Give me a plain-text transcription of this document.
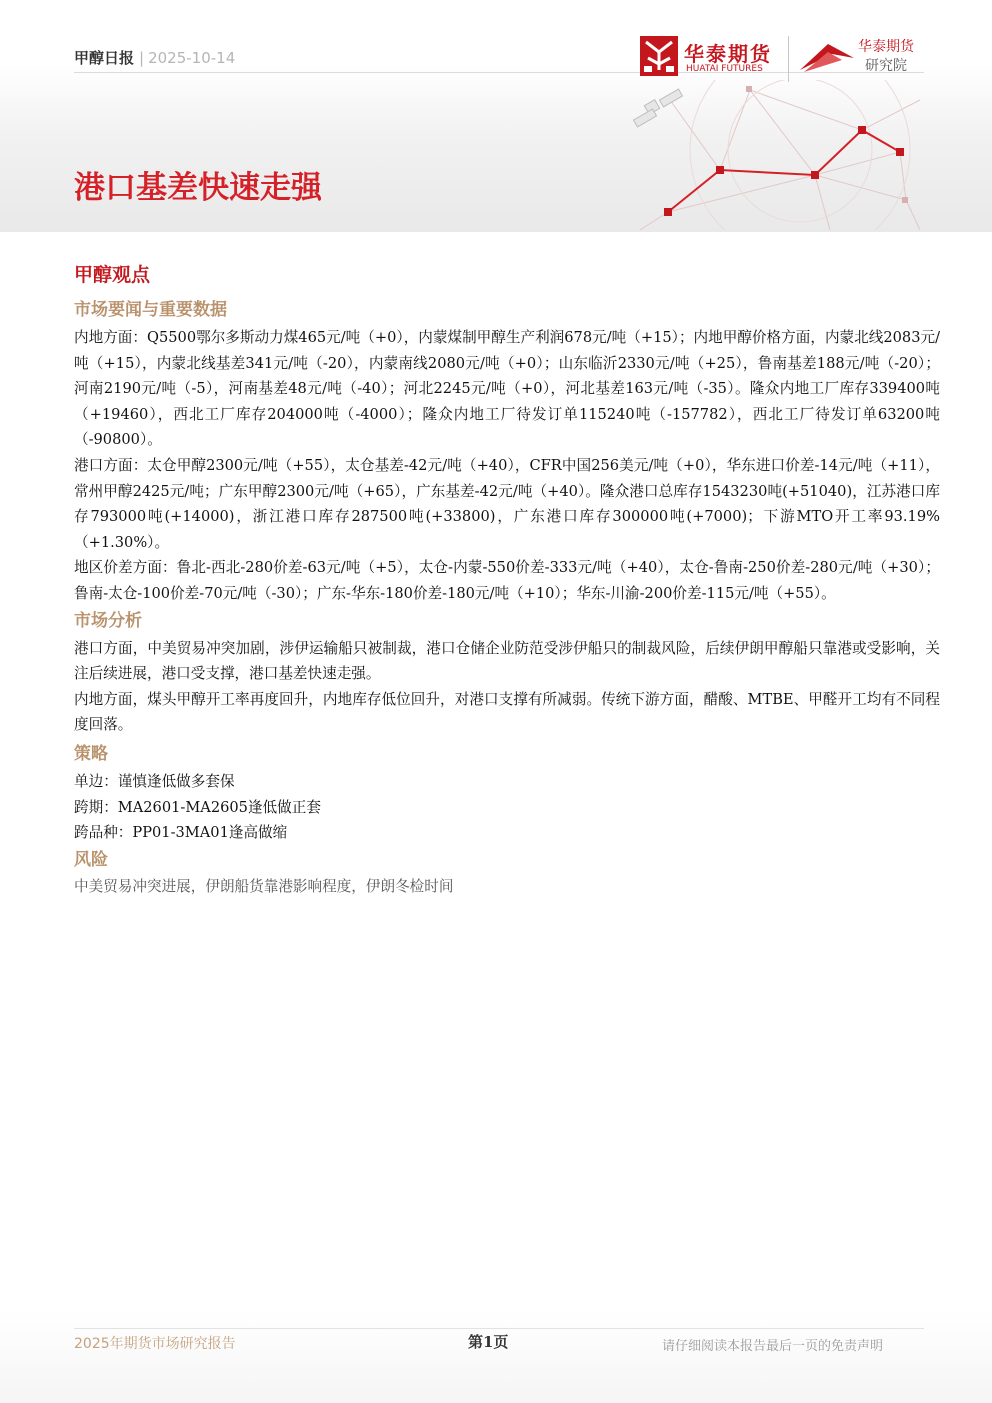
甲醇日报 | 2025-10-14	华泰期货
HUATAI FUTURES
华泰期货
研究院
港口基差快速走强
甲醇观点
市场要闻与重要数据

内地方面：Q5500鄂尔多斯动力煤465元/吨（+0），内蒙煤制甲醇生产利润678元/吨（+15）；内地甲醇价格方面，内蒙北线2083元/吨（+15），内蒙北线基差341元/吨（-20），内蒙南线2080元/吨（+0）；山东临沂2330元/吨（+25），鲁南基差188元/吨（-20）；河南2190元/吨（-5），河南基差48元/吨（-40）；河北2245元/吨（+0），河北基差163元/吨（-35）。隆众内地工厂库存339400吨（+19460），西北工厂库存204000吨（-4000）；隆众内地工厂待发订单115240吨（-157782），西北工厂待发订单63200吨（-90800）。

港口方面：太仓甲醇2300元/吨（+55），太仓基差-42元/吨（+40），CFR中国256美元/吨（+0），华东进口价差-14元/吨（+11），常州甲醇2425元/吨；广东甲醇2300元/吨（+65），广东基差-42元/吨（+40）。隆众港口总库存1543230吨(+51040)，江苏港口库存793000吨(+14000)，浙江港口库存287500吨(+33800)，广东港口库存300000吨(+7000)；下游MTO开工率93.19%（+1.30%）。

地区价差方面：鲁北-西北-280价差-63元/吨（+5），太仓-内蒙-550价差-333元/吨（+40），太仓-鲁南-250价差-280元/吨（+30）；鲁南-太仓-100价差-70元/吨（-30）；广东-华东-180价差-180元/吨（+10）；华东-川渝-200价差-115元/吨（+55）。

市场分析

港口方面，中美贸易冲突加剧，涉伊运输船只被制裁，港口仓储企业防范受涉伊船只的制裁风险，后续伊朗甲醇船只靠港或受影响，关注后续进展，港口受支撑，港口基差快速走强。

内地方面，煤头甲醇开工率再度回升，内地库存低位回升，对港口支撑有所减弱。传统下游方面，醋酸、MTBE、甲醛开工均有不同程度回落。

策略

单边：谨慎逢低做多套保

跨期：MA2601-MA2605逢低做正套

跨品种：PP01-3MA01逢高做缩

风险

中美贸易冲突进展，伊朗船货靠港影响程度，伊朗冬检时间

2025年期货市场研究报告	第1页	请仔细阅读本报告最后一页的免责声明
